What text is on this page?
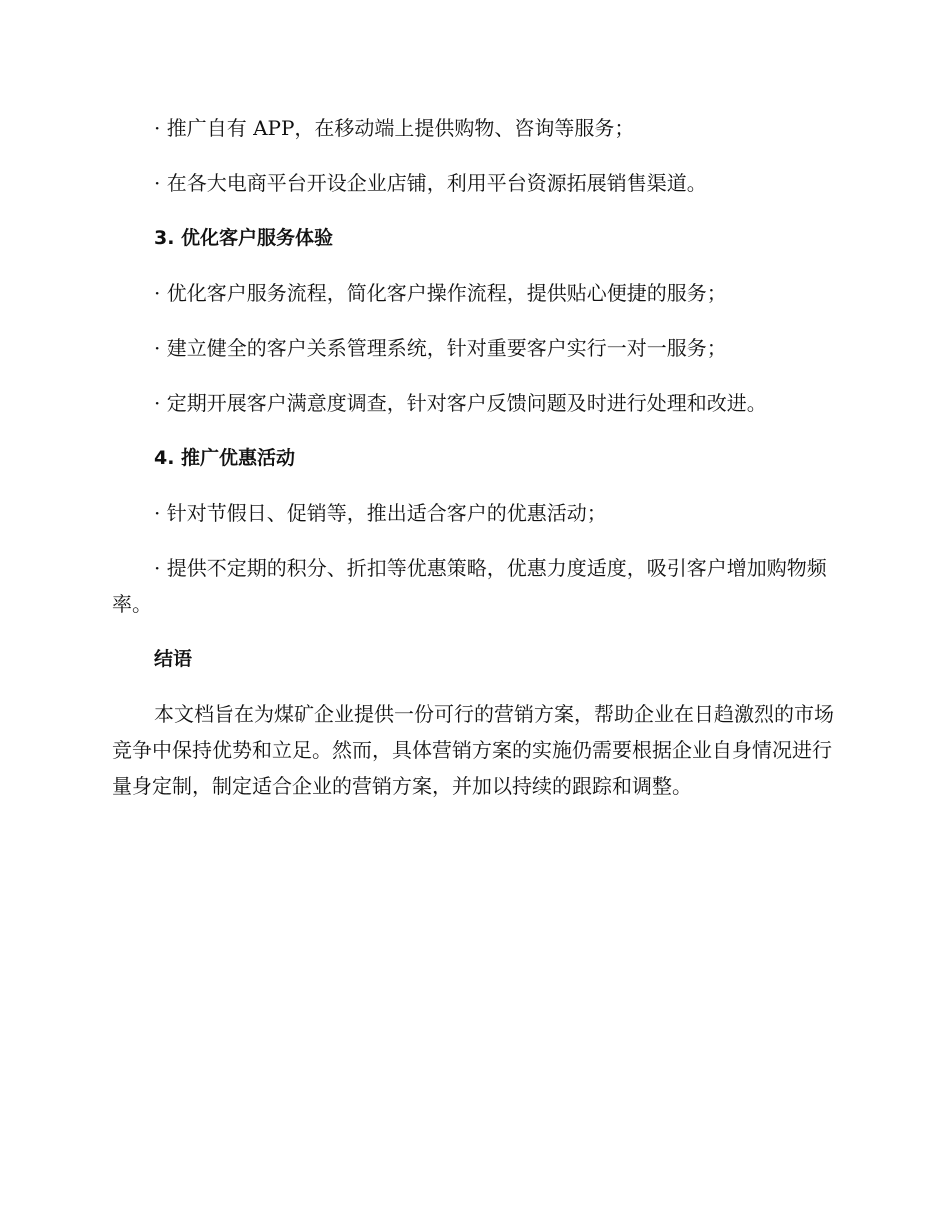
· 推广自有 APP，在移动端上提供购物、咨询等服务；

· 在各大电商平台开设企业店铺，利用平台资源拓展销售渠道。

3. 优化客户服务体验

· 优化客户服务流程，简化客户操作流程，提供贴心便捷的服务；

· 建立健全的客户关系管理系统，针对重要客户实行一对一服务；

· 定期开展客户满意度调查，针对客户反馈问题及时进行处理和改进。

4. 推广优惠活动

· 针对节假日、促销等，推出适合客户的优惠活动；

· 提供不定期的积分、折扣等优惠策略，优惠力度适度，吸引客户增加购物频率。

结语

本文档旨在为煤矿企业提供一份可行的营销方案，帮助企业在日趋激烈的市场竞争中保持优势和立足。然而，具体营销方案的实施仍需要根据企业自身情况进行量身定制，制定适合企业的营销方案，并加以持续的跟踪和调整。
